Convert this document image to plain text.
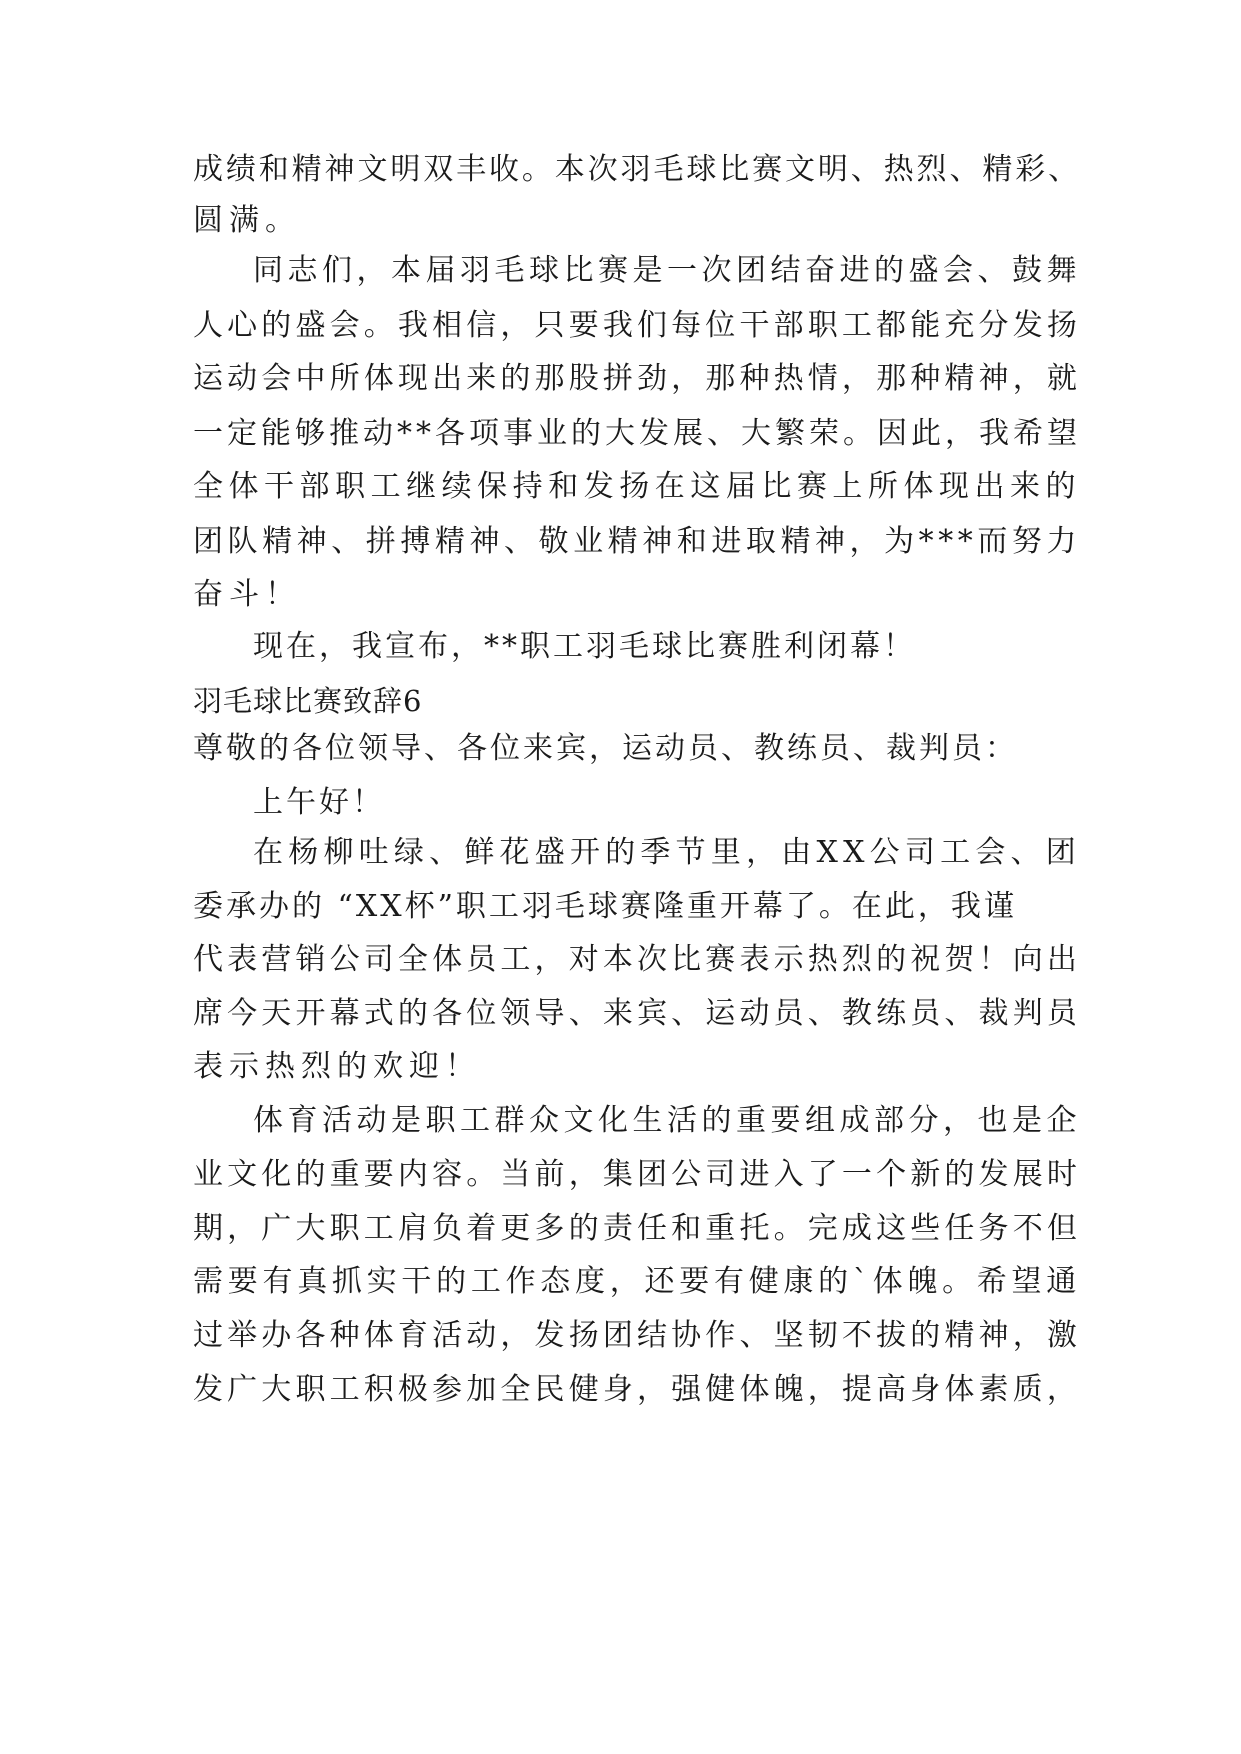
成绩和精神文明双丰收。本次羽毛球比赛文明、热烈、精彩、
圆满。
同志们，本届羽毛球比赛是一次团结奋进的盛会、鼓舞
人心的盛会。我相信，只要我们每位干部职工都能充分发扬
运动会中所体现出来的那股拼劲，那种热情，那种精神，就
一定能够推动**各项事业的大发展、大繁荣。因此，我希望
全体干部职工继续保持和发扬在这届比赛上所体现出来的
团队精神、拼搏精神、敬业精神和进取精神，为***而努力
奋斗！
现在，我宣布，**职工羽毛球比赛胜利闭幕！
羽毛球比赛致辞6
尊敬的各位领导、各位来宾，运动员、教练员、裁判员：
上午好！
在杨柳吐绿、鲜花盛开的季节里，由XX公司工会、团
委承办的 “XX杯”职工羽毛球赛隆重开幕了。在此，我谨
代表营销公司全体员工，对本次比赛表示热烈的祝贺！向出
席今天开幕式的各位领导、来宾、运动员、教练员、裁判员
表示热烈的欢迎！
体育活动是职工群众文化生活的重要组成部分，也是企
业文化的重要内容。当前，集团公司进入了一个新的发展时
期，广大职工肩负着更多的责任和重托。完成这些任务不但
需要有真抓实干的工作态度，还要有健康的`体魄。希望通
过举办各种体育活动，发扬团结协作、坚韧不拔的精神，激
发广大职工积极参加全民健身，强健体魄，提高身体素质，
